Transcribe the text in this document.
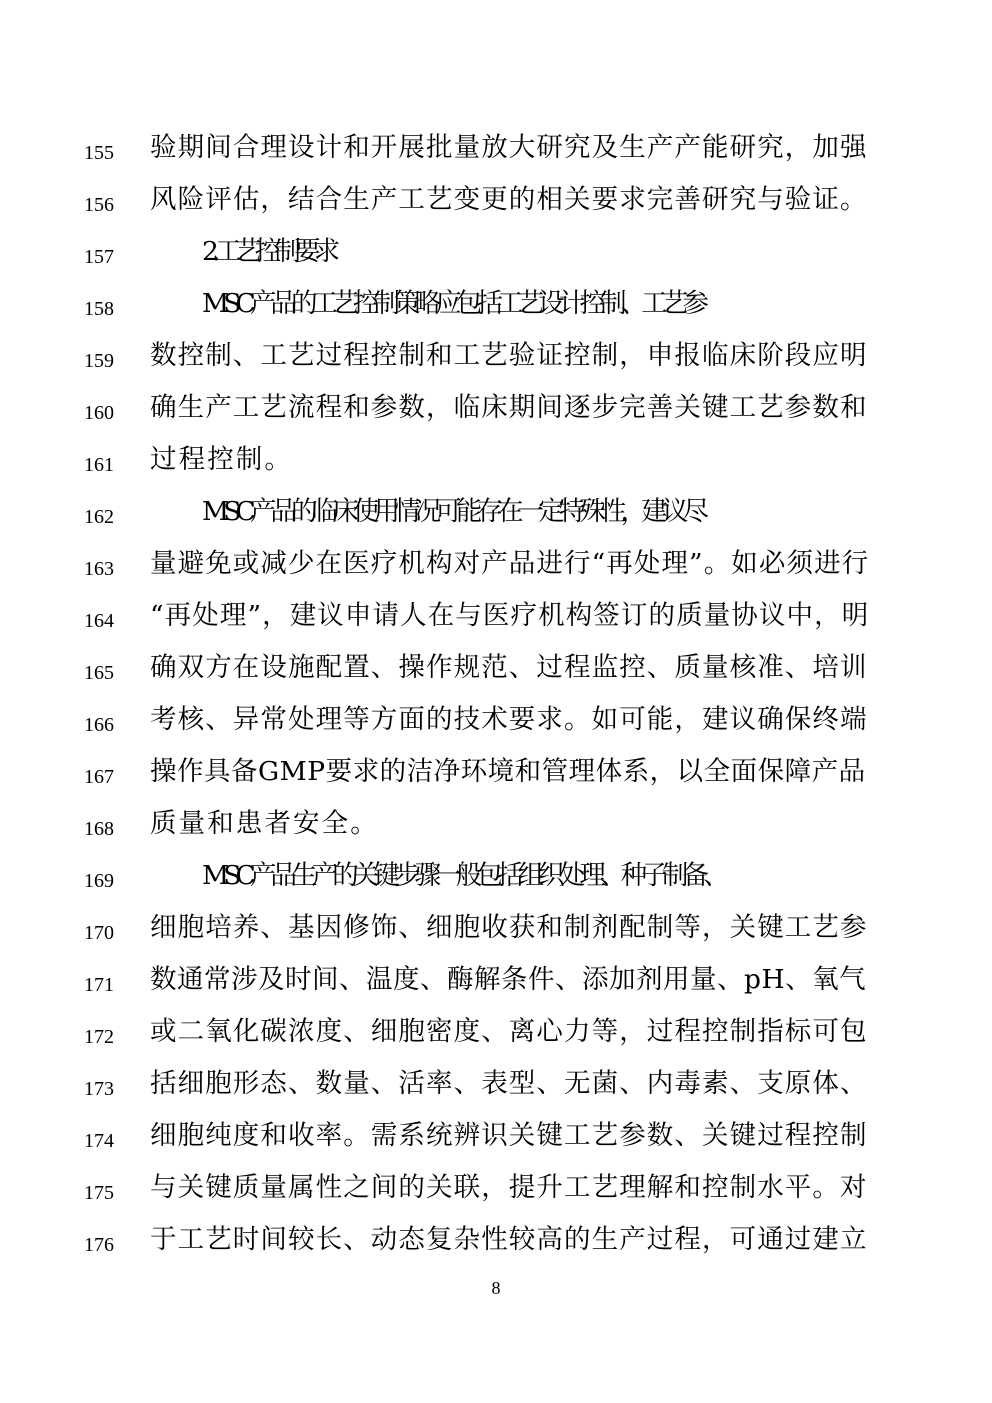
155	验期间合理设计和开展批量放大研究及生产产能研究，加强
156	风险评估，结合生产工艺变更的相关要求完善研究与验证。
157	2. 工艺控制要求
158	MSC产品的工艺控制策略应包括工艺设计控制、工艺参
159	数控制、工艺过程控制和工艺验证控制，申报临床阶段应明
160	确生产工艺流程和参数，临床期间逐步完善关键工艺参数和
161	过程控制。
162	MSC产品的临床使用情况可能存在一定特殊性，建议尽
163	量避免或减少在医疗机构对产品进行“再处理”。如必须进行
164	“再处理”，建议申请人在与医疗机构签订的质量协议中，明
165	确双方在设施配置、操作规范、过程监控、质量核准、培训
166	考核、异常处理等方面的技术要求。如可能，建议确保终端
167	操作具备GMP要求的洁净环境和管理体系，以全面保障产品
168	质量和患者安全。
169	MSC产品生产的关键步骤一般包括组织处理、种子制备、
170	细胞培养、基因修饰、细胞收获和制剂配制等，关键工艺参
171	数通常涉及时间、温度、酶解条件、添加剂用量、pH、氧气
172	或二氧化碳浓度、细胞密度、离心力等，过程控制指标可包
173	括细胞形态、数量、活率、表型、无菌、内毒素、支原体、
174	细胞纯度和收率。需系统辨识关键工艺参数、关键过程控制
175	与关键质量属性之间的关联，提升工艺理解和控制水平。对
176	于工艺时间较长、动态复杂性较高的生产过程，可通过建立
8
